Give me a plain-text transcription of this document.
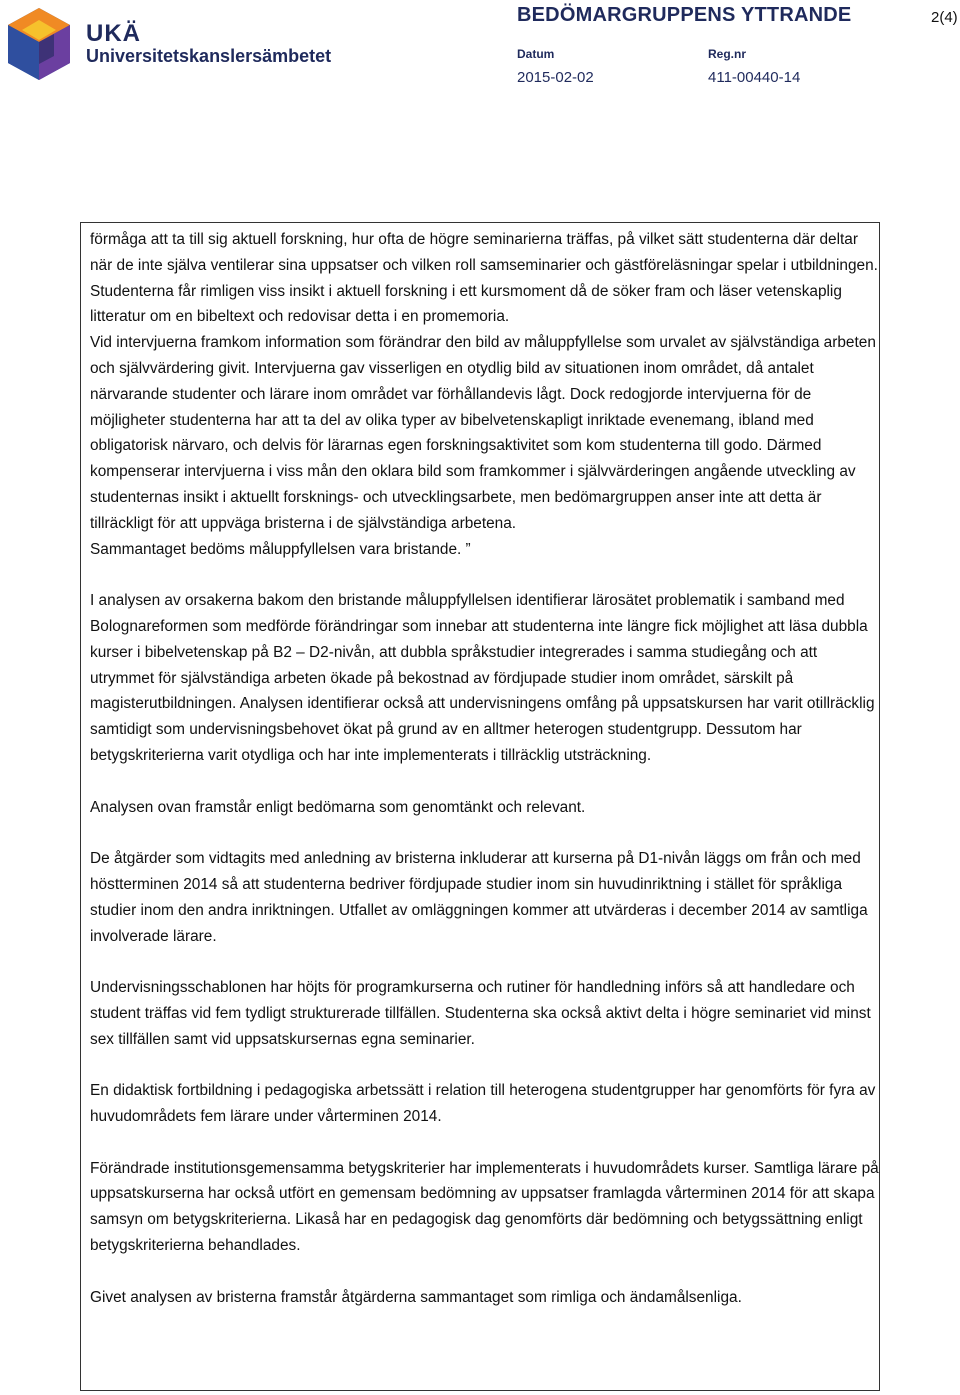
UKÄ
Universitetskanslersämbetet
BEDÖMARGRUPPENS YTTRANDE	2(4)
Datum
2015-02-02
Reg.nr
411-00440-14

förmåga att ta till sig aktuell forskning, hur ofta de högre seminarierna träffas, på vilket sätt studenterna där deltar när de inte själva ventilerar sina uppsatser och vilken roll samseminarier och gästföreläsningar spelar i utbildningen. Studenterna får rimligen viss insikt i aktuell forskning i ett kursmoment då de söker fram och läser vetenskaplig litteratur om en bibeltext och redovisar detta i en promemoria.

Vid intervjuerna framkom information som förändrar den bild av måluppfyllelse som urvalet av självständiga arbeten och självvärdering givit. Intervjuerna gav visserligen en otydlig bild av situationen inom området, då antalet närvarande studenter och lärare inom området var förhållandevis lågt. Dock redogjorde intervjuerna för de möjligheter studenterna har att ta del av olika typer av bibelvetenskapligt inriktade evenemang, ibland med obligatorisk närvaro, och delvis för lärarnas egen forskningsaktivitet som kom studenterna till godo. Därmed kompenserar intervjuerna i viss mån den oklara bild som framkommer i självvärderingen angående utveckling av studenternas insikt i aktuellt forsknings- och utvecklingsarbete, men bedömargruppen anser inte att detta är tillräckligt för att uppväga bristerna i de självständiga arbetena.

Sammantaget bedöms måluppfyllelsen vara bristande. ”

I analysen av orsakerna bakom den bristande måluppfyllelsen identifierar lärosätet problematik i samband med Bolognareformen som medförde förändringar som innebar att studenterna inte längre fick möjlighet att läsa dubbla kurser i bibelvetenskap på B2 – D2-nivån, att dubbla språkstudier integrerades i samma studiegång och att utrymmet för självständiga arbeten ökade på bekostnad av fördjupade studier inom området, särskilt på magisterutbildningen. Analysen identifierar också att undervisningens omfång på uppsatskursen har varit otillräcklig samtidigt som undervisningsbehovet ökat på grund av en alltmer heterogen studentgrupp. Dessutom har betygskriterierna varit otydliga och har inte implementerats i tillräcklig utsträckning.

Analysen ovan framstår enligt bedömarna som genomtänkt och relevant.

De åtgärder som vidtagits med anledning av bristerna inkluderar att kurserna på D1-nivån läggs om från och med höstterminen 2014 så att studenterna bedriver fördjupade studier inom sin huvudinriktning i stället för språkliga studier inom den andra inriktningen. Utfallet av omläggningen kommer att utvärderas i december 2014 av samtliga involverade lärare.

Undervisningsschablonen har höjts för programkurserna och rutiner för handledning införs så att handledare och student träffas vid fem tydligt strukturerade tillfällen. Studenterna ska också aktivt delta i högre seminariet vid minst sex tillfällen samt vid uppsatskursernas egna seminarier.

En didaktisk fortbildning i pedagogiska arbetssätt i relation till heterogena studentgrupper har genomförts för fyra av huvudområdets fem lärare under vårterminen 2014.

Förändrade institutionsgemensamma betygskriterier har implementerats i huvudområdets kurser. Samtliga lärare på uppsatskurserna har också utfört en gemensam bedömning av uppsatser framlagda vårterminen 2014 för att skapa samsyn om betygskriterierna. Likaså har en pedagogisk dag genomförts där bedömning och betygssättning enligt betygskriterierna behandlades.

Givet analysen av bristerna framstår åtgärderna sammantaget som rimliga och ändamålsenliga.
